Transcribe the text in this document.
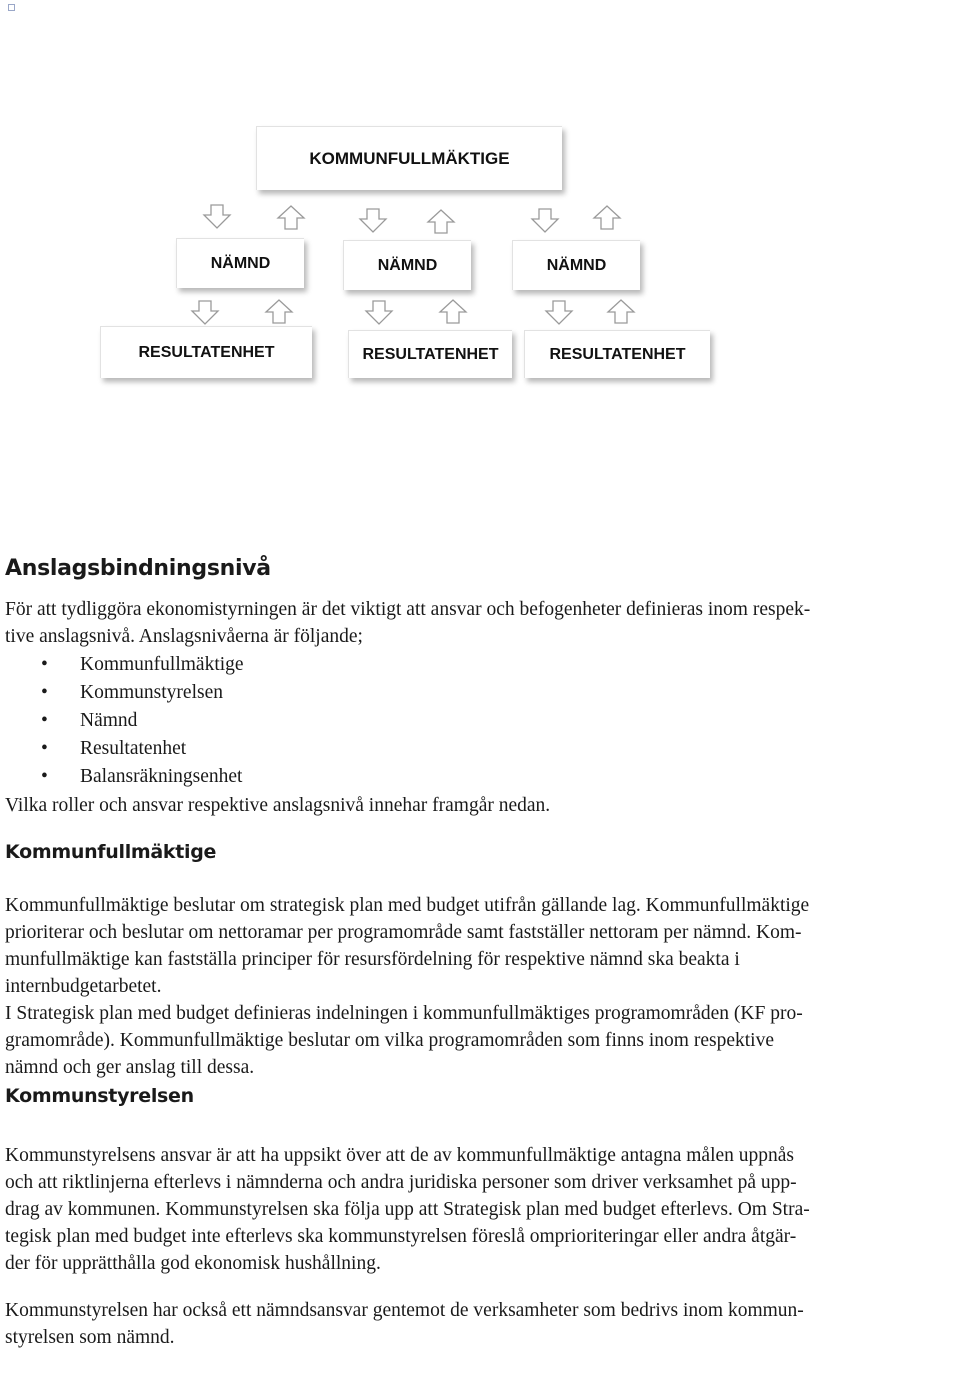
KOMMUNFULLMÄKTIGE
NÄMND	NÄMND	NÄMND
RESULTATENHET	RESULTATENHET	RESULTATENHET
Anslagsbindningsnivå

För att tydliggöra ekonomistyrningen är det viktigt att ansvar och befogenheter definieras inom respek-

tive anslagsnivå. Anslagsnivåerna är följande;

• Kommunfullmäktige
• Kommunstyrelsen
• Nämnd
• Resultatenhet
• Balansräkningsenhet

Vilka roller och ansvar respektive anslagsnivå innehar framgår nedan.

Kommunfullmäktige

Kommunfullmäktige beslutar om strategisk plan med budget utifrån gällande lag. Kommunfullmäktige

prioriterar och beslutar om nettoramar per programområde samt fastställer nettoram per nämnd. Kom-

munfullmäktige kan fastställa principer för resursfördelning för respektive nämnd ska beakta i

internbudgetarbetet.

I Strategisk plan med budget definieras indelningen i kommunfullmäktiges programområden (KF pro-

gramområde). Kommunfullmäktige beslutar om vilka programområden som finns inom respektive

nämnd och ger anslag till dessa.

Kommunstyrelsen

Kommunstyrelsens ansvar är att ha uppsikt över att de av kommunfullmäktige antagna målen uppnås

och att riktlinjerna efterlevs i nämnderna och andra juridiska personer som driver verksamhet på upp-

drag av kommunen. Kommunstyrelsen ska följa upp att Strategisk plan med budget efterlevs. Om Stra-

tegisk plan med budget inte efterlevs ska kommunstyrelsen föreslå omprioriteringar eller andra åtgär-

der för upprätthålla god ekonomisk hushållning.

Kommunstyrelsen har också ett nämndsansvar gentemot de verksamheter som bedrivs inom kommun-

styrelsen som nämnd.
